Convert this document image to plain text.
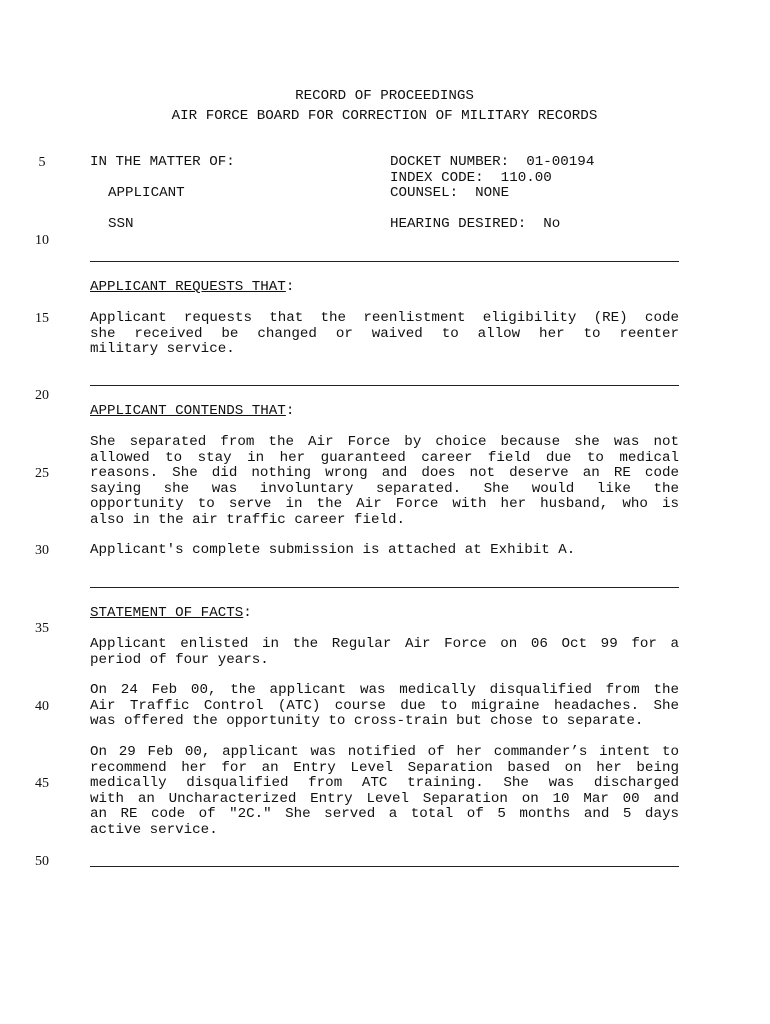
RECORD OF PROCEEDINGS
AIR FORCE BOARD FOR CORRECTION OF MILITARY RECORDS
5
10
15
20
25
30
35
40
45
50
IN THE MATTER OF:
APPLICANT
SSN
DOCKET NUMBER:  01-00194
INDEX CODE:  110.00
COUNSEL:  NONE
HEARING DESIRED:  No
APPLICANT REQUESTS THAT:
Applicant requests that the reenlistment eligibility (RE) code
she received be changed or waived to allow her to reenter
military service.
APPLICANT CONTENDS THAT:
She separated from the Air Force by choice because she was not
allowed to stay in her guaranteed career field due to medical
reasons. She did nothing wrong and does not deserve an RE code
saying she was involuntary separated. She would like the
opportunity to serve in the Air Force with her husband, who is
also in the air traffic career field.
Applicant's complete submission is attached at Exhibit A.
STATEMENT OF FACTS:
Applicant enlisted in the Regular Air Force on 06 Oct 99 for a
period of four years.
On 24 Feb 00, the applicant was medically disqualified from the
Air Traffic Control (ATC) course due to migraine headaches. She
was offered the opportunity to cross-train but chose to separate.
On 29 Feb 00, applicant was notified of her commander’s intent to
recommend her for an Entry Level Separation based on her being
medically disqualified from ATC training. She was discharged
with an Uncharacterized Entry Level Separation on 10 Mar 00 and
an RE code of "2C." She served a total of 5 months and 5 days
active service.
